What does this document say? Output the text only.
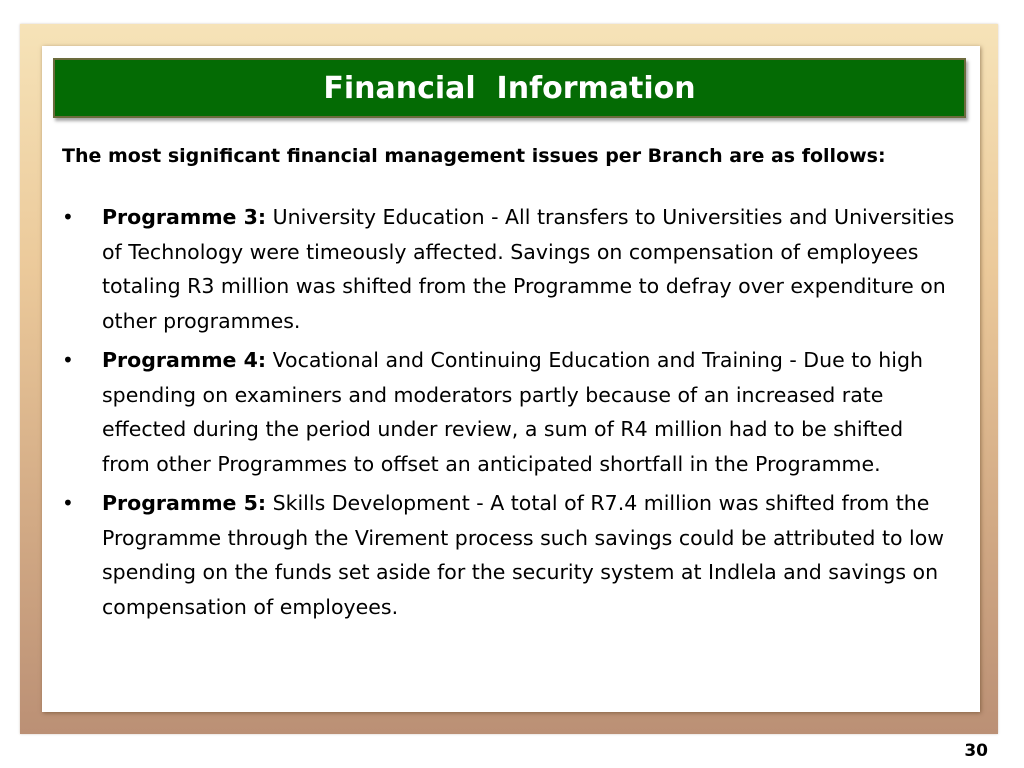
Financial  Information
The most significant financial management issues per Branch are as follows:
•	Programme 3: University Education - All transfers to Universities and Universities of Technology were timeously affected. Savings on compensation of employees totaling R3 million was shifted from the Programme to defray over expenditure on other programmes.
•	Programme 4: Vocational and Continuing Education and Training - Due to high spending on examiners and moderators partly because of an increased rate effected during the period under review, a sum of R4 million had to be shifted from other Programmes to offset an anticipated shortfall in the Programme.
•	Programme 5: Skills Development - A total of R7.4 million was shifted from the Programme through the Virement process such savings could be attributed to low spending on the funds set aside for the security system at Indlela and savings on compensation of employees.
30
